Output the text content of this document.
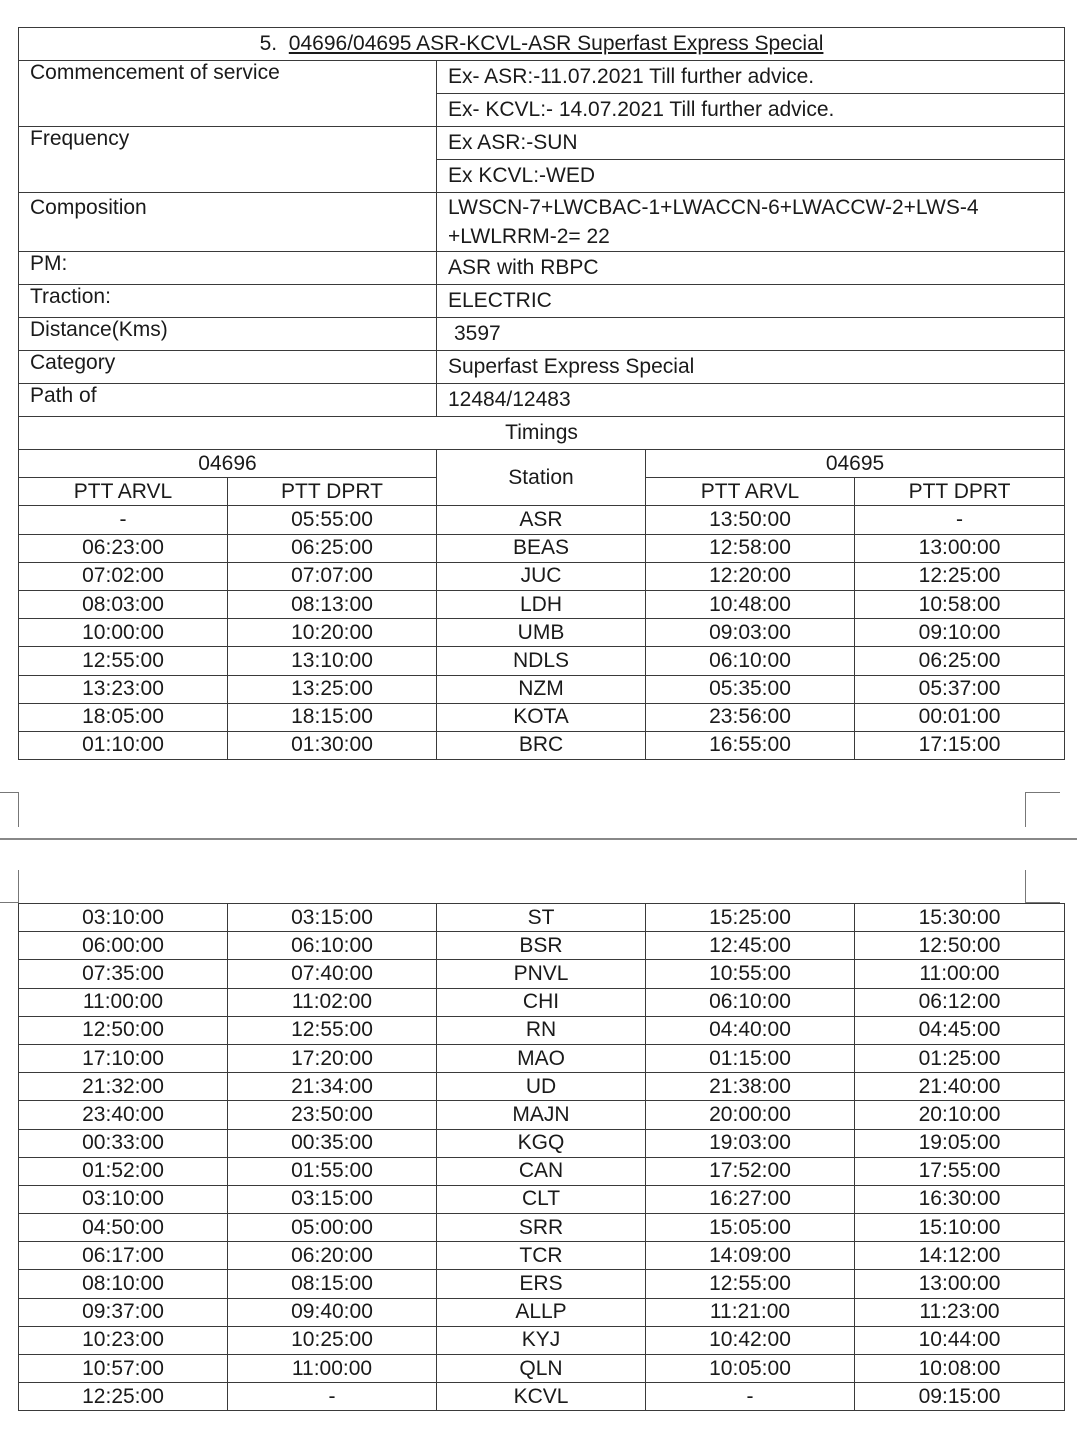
5. 04696/04695 ASR-KCVL-ASR Superfast Express Special				
Commencement of service		Ex- ASR:-11.07.2021 Till further advice.		
		Ex- KCVL:- 14.07.2021 Till further advice.		
Frequency		Ex ASR:-SUN		
		Ex KCVL:-WED		
Composition		LWSCN-7+LWCBAC-1+LWACCN-6+LWACCW-2+LWS-4
+LWLRRM-2= 22		
PM:		ASR with RBPC		
Traction:		ELECTRIC		
Distance(Kms)		3597		
Category		Superfast Express Special		
Path of		12484/12483		
Timings				
04696		Station	04695	
PTT ARVL	PTT DPRT		PTT ARVL	PTT DPRT
-	05:55:00	ASR	13:50:00	-
06:23:00	06:25:00	BEAS	12:58:00	13:00:00
07:02:00	07:07:00	JUC	12:20:00	12:25:00
08:03:00	08:13:00	LDH	10:48:00	10:58:00
10:00:00	10:20:00	UMB	09:03:00	09:10:00
12:55:00	13:10:00	NDLS	06:10:00	06:25:00
13:23:00	13:25:00	NZM	05:35:00	05:37:00
18:05:00	18:15:00	KOTA	23:56:00	00:01:00
01:10:00	01:30:00	BRC	16:55:00	17:15:00
03:10:00	03:15:00	ST	15:25:00	15:30:00
06:00:00	06:10:00	BSR	12:45:00	12:50:00
07:35:00	07:40:00	PNVL	10:55:00	11:00:00
11:00:00	11:02:00	CHI	06:10:00	06:12:00
12:50:00	12:55:00	RN	04:40:00	04:45:00
17:10:00	17:20:00	MAO	01:15:00	01:25:00
21:32:00	21:34:00	UD	21:38:00	21:40:00
23:40:00	23:50:00	MAJN	20:00:00	20:10:00
00:33:00	00:35:00	KGQ	19:03:00	19:05:00
01:52:00	01:55:00	CAN	17:52:00	17:55:00
03:10:00	03:15:00	CLT	16:27:00	16:30:00
04:50:00	05:00:00	SRR	15:05:00	15:10:00
06:17:00	06:20:00	TCR	14:09:00	14:12:00
08:10:00	08:15:00	ERS	12:55:00	13:00:00
09:37:00	09:40:00	ALLP	11:21:00	11:23:00
10:23:00	10:25:00	KYJ	10:42:00	10:44:00
10:57:00	11:00:00	QLN	10:05:00	10:08:00
12:25:00	-	KCVL	-	09:15:00
